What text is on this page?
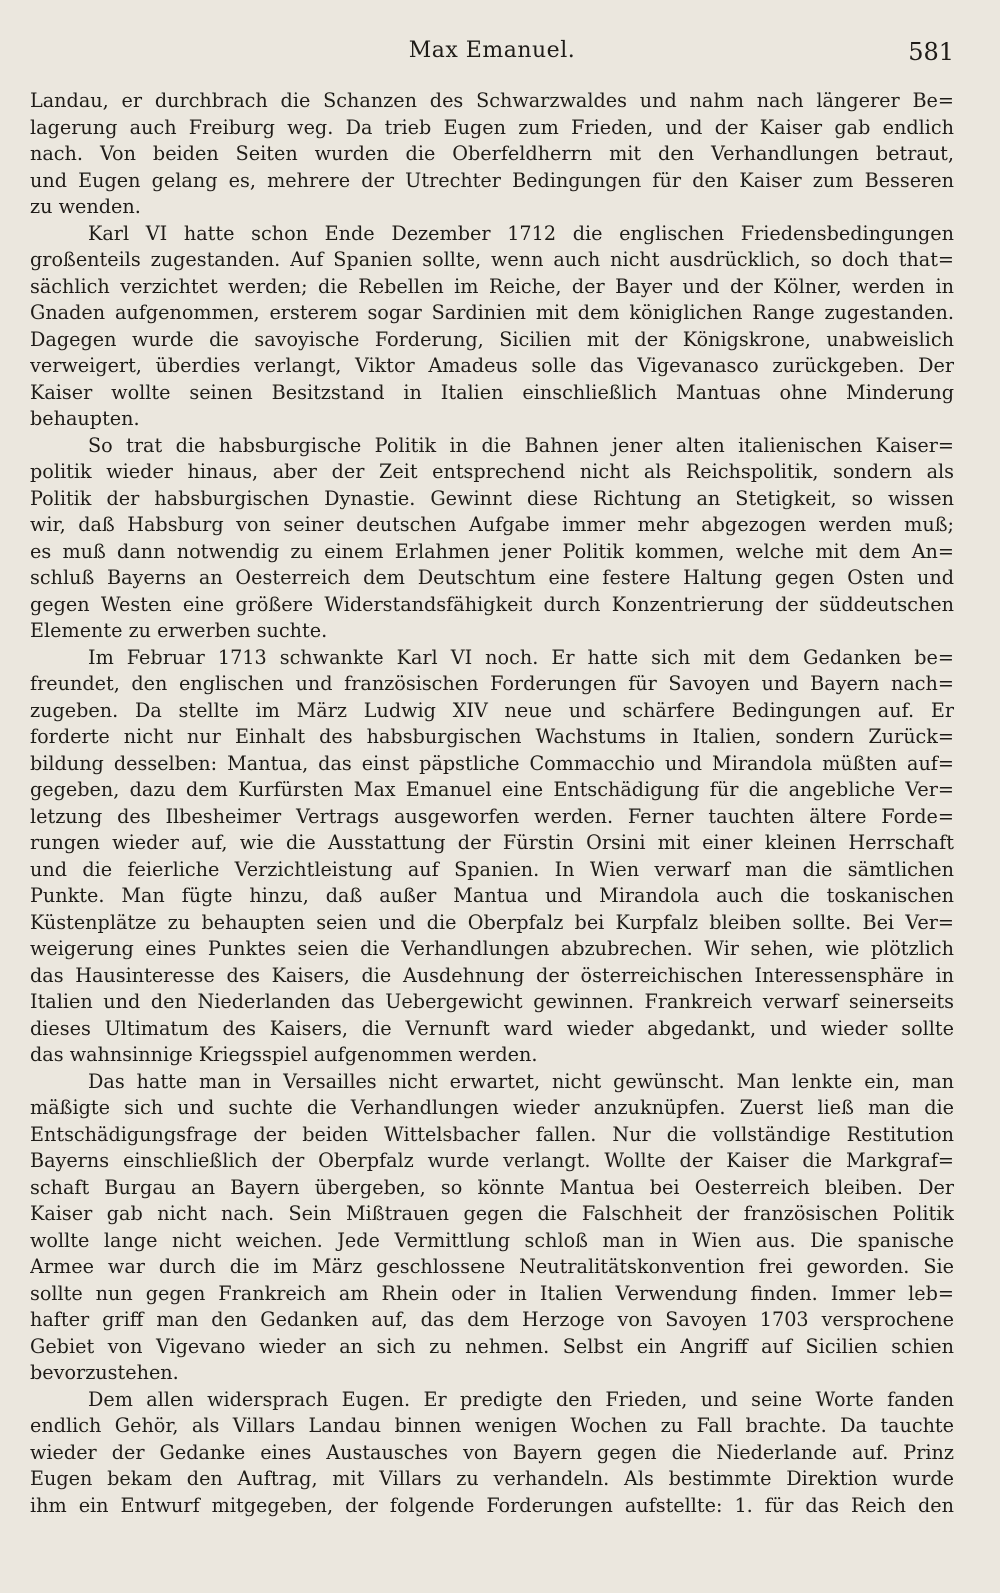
Max Emanuel.	581
Landau, er durchbrach die Schanzen des Schwarzwaldes und nahm nach längerer Be=
lagerung auch Freiburg weg. Da trieb Eugen zum Frieden, und der Kaiser gab endlich
nach. Von beiden Seiten wurden die Oberfeldherrn mit den Verhandlungen betraut,
und Eugen gelang es, mehrere der Utrechter Bedingungen für den Kaiser zum Besseren
zu wenden.
Karl VI hatte schon Ende Dezember 1712 die englischen Friedensbedingungen
großenteils zugestanden. Auf Spanien sollte, wenn auch nicht ausdrücklich, so doch that=
sächlich verzichtet werden; die Rebellen im Reiche, der Bayer und der Kölner, werden in
Gnaden aufgenommen, ersterem sogar Sardinien mit dem königlichen Range zugestanden.
Dagegen wurde die savoyische Forderung, Sicilien mit der Königskrone, unabweislich
verweigert, überdies verlangt, Viktor Amadeus solle das Vigevanasco zurückgeben. Der
Kaiser wollte seinen Besitzstand in Italien einschließlich Mantuas ohne Minderung
behaupten.
So trat die habsburgische Politik in die Bahnen jener alten italienischen Kaiser=
politik wieder hinaus, aber der Zeit entsprechend nicht als Reichspolitik, sondern als
Politik der habsburgischen Dynastie. Gewinnt diese Richtung an Stetigkeit, so wissen
wir, daß Habsburg von seiner deutschen Aufgabe immer mehr abgezogen werden muß;
es muß dann notwendig zu einem Erlahmen jener Politik kommen, welche mit dem An=
schluß Bayerns an Oesterreich dem Deutschtum eine festere Haltung gegen Osten und
gegen Westen eine größere Widerstandsfähigkeit durch Konzentrierung der süddeutschen
Elemente zu erwerben suchte.
Im Februar 1713 schwankte Karl VI noch. Er hatte sich mit dem Gedanken be=
freundet, den englischen und französischen Forderungen für Savoyen und Bayern nach=
zugeben. Da stellte im März Ludwig XIV neue und schärfere Bedingungen auf. Er
forderte nicht nur Einhalt des habsburgischen Wachstums in Italien, sondern Zurück=
bildung desselben: Mantua, das einst päpstliche Commacchio und Mirandola müßten auf=
gegeben, dazu dem Kurfürsten Max Emanuel eine Entschädigung für die angebliche Ver=
letzung des Ilbesheimer Vertrags ausgeworfen werden. Ferner tauchten ältere Forde=
rungen wieder auf, wie die Ausstattung der Fürstin Orsini mit einer kleinen Herrschaft
und die feierliche Verzichtleistung auf Spanien. In Wien verwarf man die sämtlichen
Punkte. Man fügte hinzu, daß außer Mantua und Mirandola auch die toskanischen
Küstenplätze zu behaupten seien und die Oberpfalz bei Kurpfalz bleiben sollte. Bei Ver=
weigerung eines Punktes seien die Verhandlungen abzubrechen. Wir sehen, wie plötzlich
das Hausinteresse des Kaisers, die Ausdehnung der österreichischen Interessensphäre in
Italien und den Niederlanden das Uebergewicht gewinnen. Frankreich verwarf seinerseits
dieses Ultimatum des Kaisers, die Vernunft ward wieder abgedankt, und wieder sollte
das wahnsinnige Kriegsspiel aufgenommen werden.
Das hatte man in Versailles nicht erwartet, nicht gewünscht. Man lenkte ein, man
mäßigte sich und suchte die Verhandlungen wieder anzuknüpfen. Zuerst ließ man die
Entschädigungsfrage der beiden Wittelsbacher fallen. Nur die vollständige Restitution
Bayerns einschließlich der Oberpfalz wurde verlangt. Wollte der Kaiser die Markgraf=
schaft Burgau an Bayern übergeben, so könnte Mantua bei Oesterreich bleiben. Der
Kaiser gab nicht nach. Sein Mißtrauen gegen die Falschheit der französischen Politik
wollte lange nicht weichen. Jede Vermittlung schloß man in Wien aus. Die spanische
Armee war durch die im März geschlossene Neutralitätskonvention frei geworden. Sie
sollte nun gegen Frankreich am Rhein oder in Italien Verwendung finden. Immer leb=
hafter griff man den Gedanken auf, das dem Herzoge von Savoyen 1703 versprochene
Gebiet von Vigevano wieder an sich zu nehmen. Selbst ein Angriff auf Sicilien schien
bevorzustehen.
Dem allen widersprach Eugen. Er predigte den Frieden, und seine Worte fanden
endlich Gehör, als Villars Landau binnen wenigen Wochen zu Fall brachte. Da tauchte
wieder der Gedanke eines Austausches von Bayern gegen die Niederlande auf. Prinz
Eugen bekam den Auftrag, mit Villars zu verhandeln. Als bestimmte Direktion wurde
ihm ein Entwurf mitgegeben, der folgende Forderungen aufstellte: 1. für das Reich den
